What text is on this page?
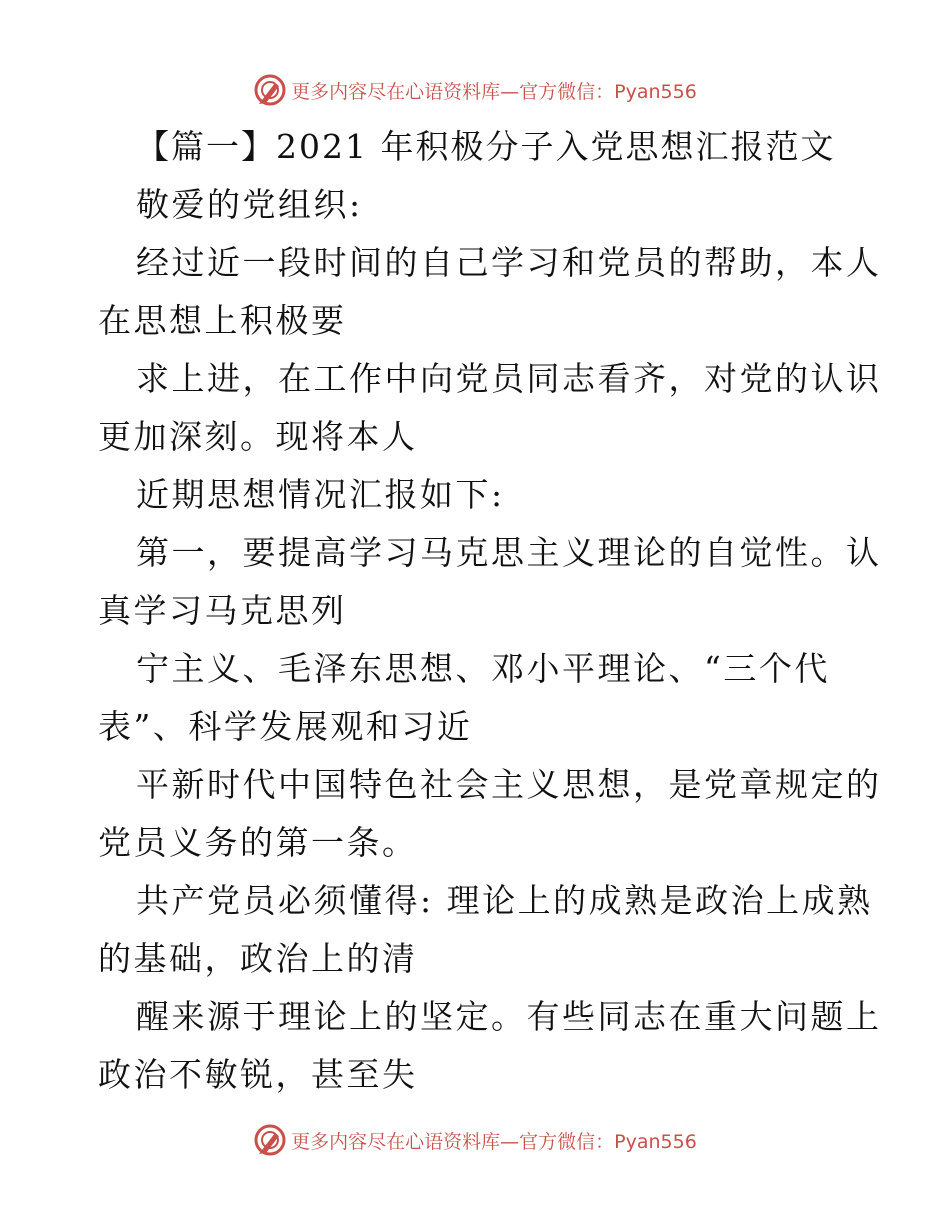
更多内容尽在心语资料库—官方微信：Pyan556
【篇一】2021 年积极分子入党思想汇报范文
敬爱的党组织:
经过近一段时间的自己学习和党员的帮助，本人
在思想上积极要
求上进，在工作中向党员同志看齐，对党的认识
更加深刻。现将本人
近期思想情况汇报如下:
第一，要提高学习马克思主义理论的自觉性。认
真学习马克思列
宁主义、毛泽东思想、邓小平理论、“三个代
表”、科学发展观和习近
平新时代中国特色社会主义思想，是党章规定的
党员义务的第一条。
共产党员必须懂得: 理论上的成熟是政治上成熟
的基础，政治上的清
醒来源于理论上的坚定。有些同志在重大问题上
政治不敏锐，甚至失
更多内容尽在心语资料库—官方微信：Pyan556
